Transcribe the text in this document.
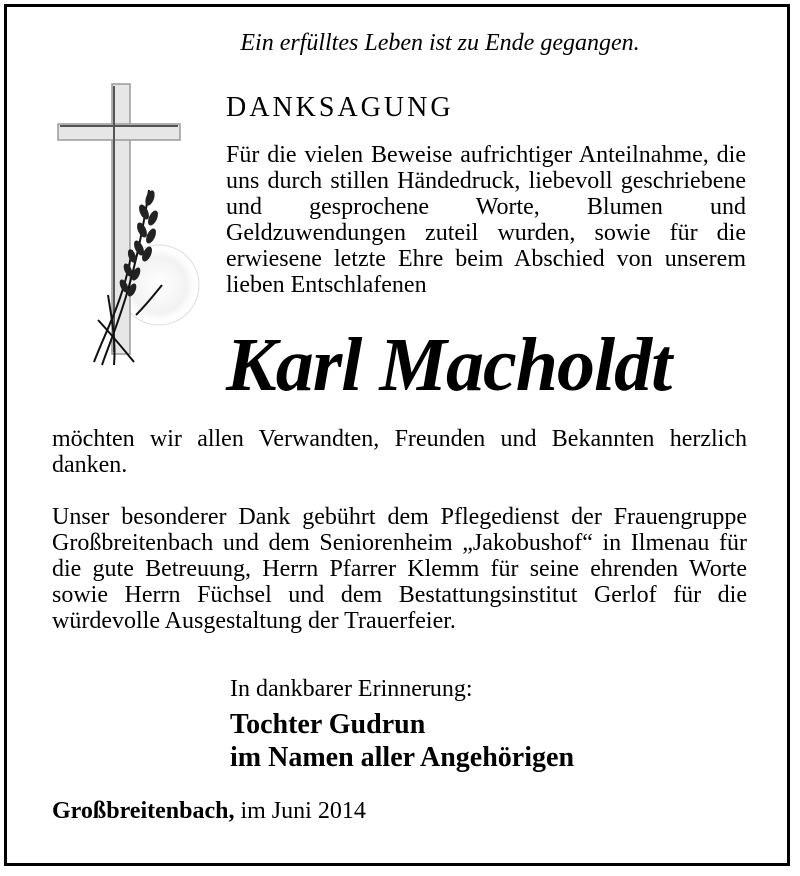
Ein erfülltes Leben ist zu Ende gegangen.
DANKSAGUNG
Für die vielen Beweise aufrichtiger Anteilnahme, die uns durch stillen Händedruck, liebevoll geschriebene und gesprochene Worte, Blumen und Geldzuwendungen zuteil wurden, sowie für die erwiesene letzte Ehre beim Abschied von unserem lieben Entschlafenen
Karl Macholdt
möchten wir allen Verwandten, Freunden und Bekannten herzlich danken.
Unser besonderer Dank gebührt dem Pflegedienst der Frauengruppe Großbreitenbach und dem Seniorenheim „Jakobushof“ in Ilmenau für die gute Betreuung, Herrn Pfarrer Klemm für seine ehrenden Worte sowie Herrn Füchsel und dem Bestattungsinstitut Gerlof für die würdevolle Ausgestaltung der Trauerfeier.
In dankbarer Erinnerung:
Tochter Gudrun
im Namen aller Angehörigen
Großbreitenbach, im Juni 2014
